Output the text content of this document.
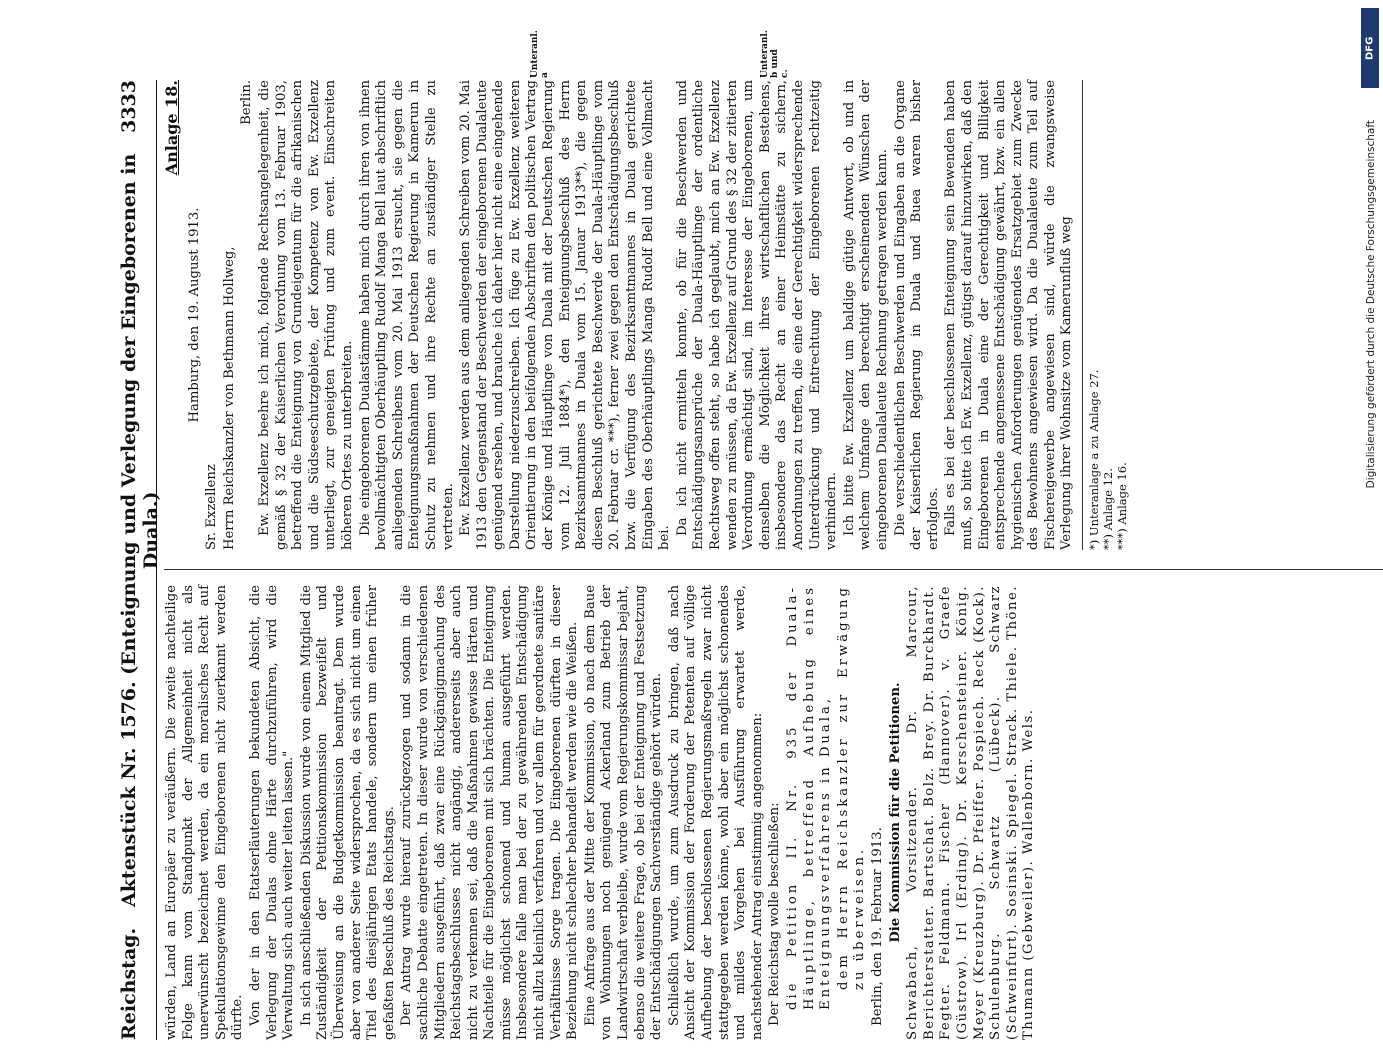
Reichstag.
Aktenstück Nr. 1576. (Enteignung und Verlegung der Eingeborenen in Duala.)
3333

würden, Land an Europäer zu veräußern. Die zweite nachteilige Folge kann vom Standpunkt der Allgemeinheit nicht als unerwünscht bezeichnet werden, da ein moralisches Recht auf Spekulationsgewinne den Eingeborenen nicht zuerkannt werden dürfte. Von der in den Etatserläuterungen bekundeten Absicht, die Verlegung der Dualas ohne Härte durchzuführen, wird die Verwaltung sich auch weiter leiten lassen." In sich anschließenden Diskussion wurde von einem Mitglied die Zuständigkeit der Petitionskommission bezweifelt und Überweisung an die Budgetkommission beantragt. Dem wurde aber von anderer Seite widersprochen, da es sich nicht um einen Titel des diesjährigen Etats handele, sondern um einen früher gefaßten Beschluß des Reichstags. Der Antrag wurde hierauf zurückgezogen und sodann in die sachliche Debatte eingetreten. In dieser wurde von verschiedenen Mitgliedern ausgeführt, daß zwar eine Rückgängigmachung des Reichstagsbeschlusses nicht angängig, andererseits aber auch nicht zu verkennen sei, daß die Maßnahmen gewisse Härten und Nachteile für die Eingeborenen mit sich brächten. Die Enteignung müsse möglichst schonend und human ausgeführt werden. Insbesondere falle man bei der zu gewährenden Entschädigung nicht allzu kleinlich verfahren und vor allem für geordnete sanitäre Verhältnisse Sorge tragen. Die Eingeborenen dürften in dieser Beziehung nicht schlechter behandelt werden wie die Weißen. Eine Anfrage aus der Mitte der Kommission, ob nach dem Baue von Wohnungen noch genügend Ackerland zum Betrieb der Landwirtschaft verbleibe, wurde vom Regierungskommissar bejaht, ebenso die weitere Frage, ob bei der Enteignung und Festsetzung der Entschädigungen Sachverständige gehört würden. Schließlich wurde, um zum Ausdruck zu bringen, daß nach Ansicht der Kommission der Forderung der Petenten auf völlige Aufhebung der beschlossenen Regierungsmaßregeln zwar nicht stattgegeben werden könne, wohl aber ein möglichst schonendes und mildes Vorgehen bei Ausführung erwartet werde, nachstehender Antrag einstimmig angenommen: Der Reichstag wolle beschließen: die Petition II. Nr. 935 der Duala-Häuptlinge, betreffend Aufhebung eines Enteignungsverfahrens in Duala, dem Herrn Reichskanzler zur Erwägung zu überweisen. Berlin, den 19. Februar 1913. Die Kommission für die Petitionen. Schwabach, Vorsitzender. Dr. Marcour, Berichterstatter. Bartschat. Bolz. Brey. Dr. Burckhardt. Fegter. Feldmann. Fischer (Hannover). v. Graefe (Güstrow). Irl (Erding). Dr. Kerschensteiner. König. Meyer (Kreuzburg). Dr. Pfeiffer. Pospiech. Reck (Kock). Schulenburg. Schwartz (Lübeck). Schwarz (Schweinfurt). Sosinski. Spiegel. Strack. Thiele. Thöne. Thumann (Gebweiler). Wallenborn. Wels.

Anlage 18.

Hamburg, den 19. August 1913.

Sr. Exzellenz Herrn Reichskanzler von Bethmann Hollweg,

Berlin. Ew. Exzellenz beehre ich mich, folgende Rechtsangelegenheit, die gemäß § 32 der Kaiserlichen Verordnung vom 13. Februar 1903, betreffend die Enteignung von Grundeigentum für die afrikanischen und die Südseeschutzgebiete, der Kompetenz von Ew. Exzellenz unterliegt, zur geneigten Prüfung und zum event. Einschreiten höheren Ortes zu unterbreiten. Die eingeborenen Dualastämme haben mich durch ihren von ihnen bevollmächtigten Oberhäuptling Rudolf Manga Bell laut abschriftlich anliegenden Schreibens vom 20. Mai 1913 ersucht, sie gegen die Enteignungsmaßnahmen der Deutschen Regierung in Kamerun in Schutz zu nehmen und ihre Rechte an zuständiger Stelle zu vertreten. Ew. Exzellenz werden aus dem anliegenden Schreiben vom 20. Mai 1913 den Gegenstand der Beschwerden der eingeborenen Dualaleute genügend ersehen, und brauche ich daher hier nicht eine eingehende Darstellung niederzuschreiben. Ich füge zu Ew. Exzellenz weiteren Orientierung in den beifolgenden Abschriften den politischen Vertrag der Könige und Häuptlinge von Duala mit der Deutschen Regierung vom 12. Juli 1884*), den Enteignungsbeschluß des Herrn Bezirksamtmannes in Duala vom 15. Januar 1913**), die gegen diesen Beschluß gerichtete Beschwerde der Duala-Häuptlinge vom 20. Februar cr. ***), ferner zwei gegen den Entschädigungsbeschluß bzw. die Verfügung des Bezirksamtmannes in Duala gerichtete Eingaben des Oberhäuptlings Manga Rudolf Bell und eine Vollmacht bei.

Da ich nicht ermitteln konnte, ob für die Beschwerden und Entschädigungsansprüche der Duala-Häuptlinge der ordentliche Rechtsweg offen steht, so habe ich geglaubt, mich an Ew. Exzellenz wenden zu müssen, da Ew. Exzellenz auf Grund des § 32 der zitierten Verordnung ermächtigt sind, im Interesse der Eingeborenen, um denselben die Möglichkeit ihres wirtschaftlichen Bestehens, insbesondere das Recht an einer Heimstätte zu sichern, Anordnungen zu treffen, die eine der Gerechtigkeit widersprechende Unterdrückung und Entrechtung der Eingeborenen rechtzeitig verhindern. Ich bitte Ew. Exzellenz um baldige gütige Antwort, ob und in welchem Umfange den berechtigt erscheinenden Wünschen der eingeborenen Dualaleute Rechnung getragen werden kann. Die verschiedentlichen Beschwerden und Eingaben an die Organe der Kaiserlichen Regierung in Duala und Buea waren bisher erfolglos. Falls es bei der beschlossenen Enteignung sein Bewenden haben muß, so bitte ich Ew. Exzellenz, gütigst darauf hinzuwirken, daß den Eingeborenen in Duala eine der Gerechtigkeit und Billigkeit entsprechende angemessene Entschädigung gewährt, bzw. ein allen hygienischen Anforderungen genügendes Ersatzgebiet zum Zwecke des Bewohnens angewiesen wird. Da die Dualaleute zum Teil auf Fischereigewerbe angewiesen sind, würde die zwangsweise Verlegung ihrer Wohnsitze vom Kamerunfluß weg *) Unteranlage a zu Anlage 27. **) Anlage 12. ***) Anlage 16.
Unteranl. a	Unteranl. b und c.
Digitalisierung gefördert durch die Deutsche Forschungsgemeinschaft
DFG
